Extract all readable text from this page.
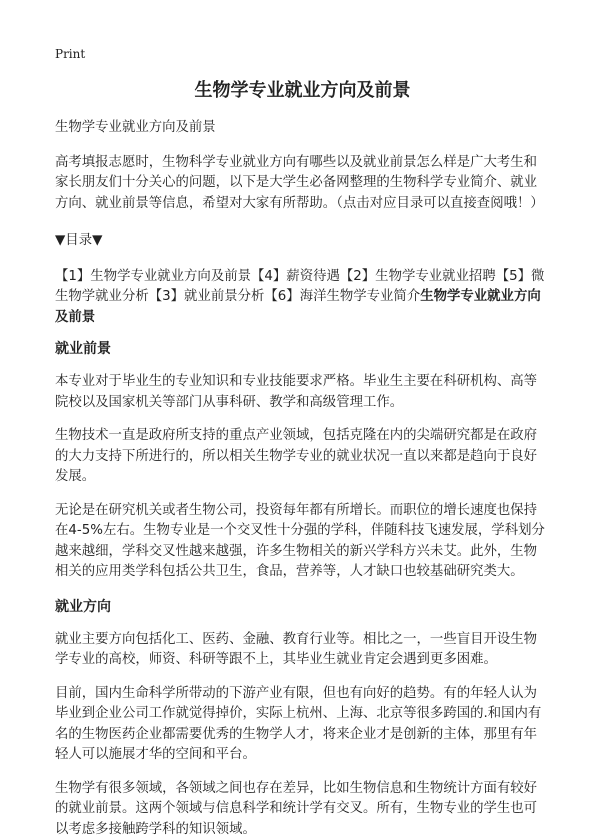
Print
生物学专业就业方向及前景

生物学专业就业方向及前景

高考填报志愿时，生物科学专业就业方向有哪些以及就业前景怎么样是广大考生和家长朋友们十分关心的问题，以下是大学生必备网整理的生物科学专业简介、就业方向、就业前景等信息，希望对大家有所帮助。（点击对应目录可以直接查阅哦！）

▼目录▼

【1】生物学专业就业方向及前景【4】薪资待遇【2】生物学专业就业招聘【5】微生物学就业分析【3】就业前景分析【6】海洋生物学专业简介生物学专业就业方向及前景

就业前景

本专业对于毕业生的专业知识和专业技能要求严格。毕业生主要在科研机构、高等院校以及国家机关等部门从事科研、教学和高级管理工作。

生物技术一直是政府所支持的重点产业领域，包括克隆在内的尖端研究都是在政府的大力支持下所进行的，所以相关生物学专业的就业状况一直以来都是趋向于良好发展。

无论是在研究机关或者生物公司，投资每年都有所增长。而职位的增长速度也保持在4-5%左右。生物专业是一个交叉性十分强的学科，伴随科技飞速发展，学科划分越来越细，学科交叉性越来越强，许多生物相关的新兴学科方兴未艾。此外，生物相关的应用类学科包括公共卫生，食品，营养等，人才缺口也较基础研究类大。

就业方向

就业主要方向包括化工、医药、金融、教育行业等。相比之一，一些盲目开设生物学专业的高校，师资、科研等跟不上，其毕业生就业肯定会遇到更多困难。

目前，国内生命科学所带动的下游产业有限，但也有向好的趋势。有的年轻人认为毕业到企业公司工作就觉得掉价，实际上杭州、上海、北京等很多跨国的.和国内有名的生物医药企业都需要优秀的生物学人才，将来企业才是创新的主体，那里有年轻人可以施展才华的空间和平台。

生物学有很多领域，各领域之间也存在差异，比如生物信息和生物统计方面有较好的就业前景。这两个领域与信息科学和统计学有交叉。所有，生物专业的学生也可以考虑多接触跨学科的知识领域。
